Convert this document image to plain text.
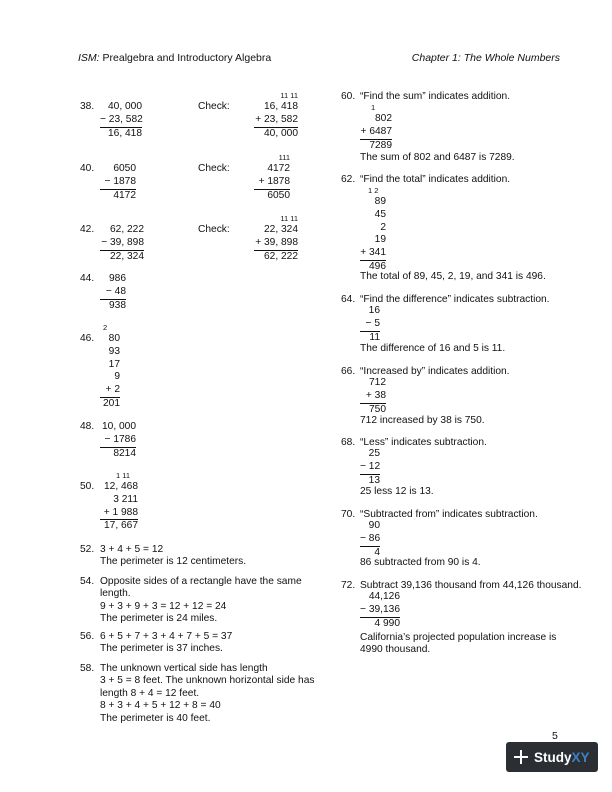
ISM: Prealgebra and Introductory Algebra	Chapter 1: The Whole Numbers
38.	40, 000
− 23, 582
16, 418
Check:
11 11
16, 418
+ 23, 582
40, 000
40.	6050
− 1878
4172
Check:
111
4172
+ 1878
6050
42.	62, 222
− 39, 898
22, 324
Check:
11 11
22, 324
+ 39, 898
62, 222
44.	986
− 48
938
46.
2
80
93
17
9
+ 2
201
48. 10, 000
− 1786
8214
50.
1 11
12, 468
3 211
+ 1 988
17, 667
52. 3 + 4 + 5 = 12
The perimeter is 12 centimeters.
54. Opposite sides of a rectangle have the same
length.
9 + 3 + 9 + 3 = 12 + 12 = 24
The perimeter is 24 miles.
56. 6 + 5 + 7 + 3 + 4 + 7 + 5 = 37
The perimeter is 37 inches.
58. The unknown vertical side has length
3 + 5 = 8 feet. The unknown horizontal side has
length 8 + 4 = 12 feet.
8 + 3 + 4 + 5 + 12 + 8 = 40
The perimeter is 40 feet.
60. “Find the sum” indicates addition.
1
802
+ 6487
7289
The sum of 802 and 6487 is 7289.
62. “Find the total” indicates addition.
1 2
89
45
2
19
+ 341
496
The total of 89, 45, 2, 19, and 341 is 496.
64. “Find the difference” indicates subtraction.
16
− 5
11
The difference of 16 and 5 is 11.
66. “Increased by” indicates addition.
712
+ 38
750
712 increased by 38 is 750.
68. “Less” indicates subtraction.
25
− 12
13
25 less 12 is 13.
70. “Subtracted from” indicates subtraction.
90
− 86
4
86 subtracted from 90 is 4.
72. Subtract 39,136 thousand from 44,126 thousand.
44,126
− 39,136
4 990
California’s projected population increase is
4990 thousand.
5
Study XY
